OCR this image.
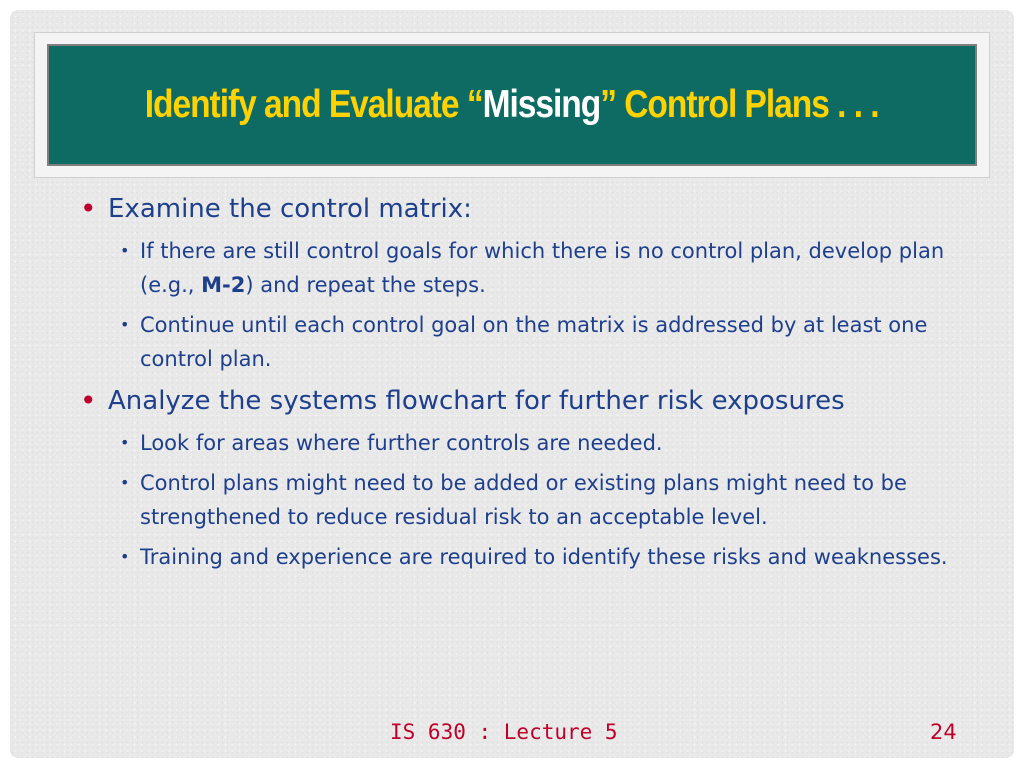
Identify and Evaluate “Missing” Control Plans . . .
• Examine the control matrix:
• If there are still control goals for which there is no control plan, develop plan (e.g., M-2) and repeat the steps.
• Continue until each control goal on the matrix is addressed by at least one control plan.
• Analyze the systems flowchart for further risk exposures
• Look for areas where further controls are needed.
• Control plans might need to be added or existing plans might need to be strengthened to reduce residual risk to an acceptable level.
• Training and experience are required to identify these risks and weaknesses.
IS 630 : Lecture 5	24
